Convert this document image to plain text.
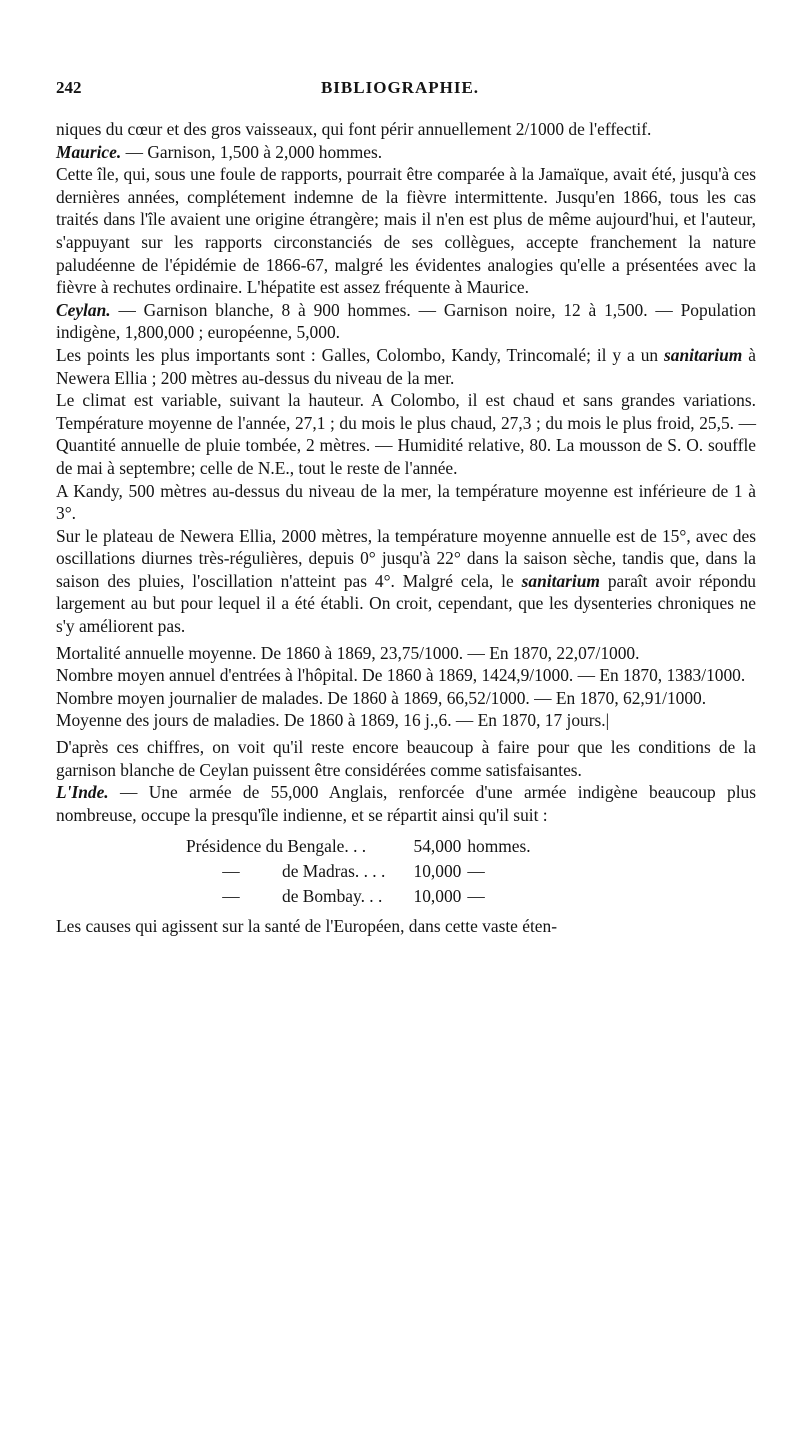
242	BIBLIOGRAPHIE.

niques du cœur et des gros vaisseaux, qui font périr annuellement 2/1000 de l'effectif.

Maurice. — Garnison, 1,500 à 2,000 hommes.

Cette île, qui, sous une foule de rapports, pourrait être comparée à la Jamaïque, avait été, jusqu'à ces dernières années, complétement indemne de la fièvre intermittente. Jusqu'en 1866, tous les cas traités dans l'île avaient une origine étrangère; mais il n'en est plus de même aujourd'hui, et l'auteur, s'appuyant sur les rapports circonstanciés de ses collègues, accepte franchement la nature paludéenne de l'épidémie de 1866-67, malgré les évidentes analogies qu'elle a présentées avec la fièvre à rechutes ordinaire. L'hépatite est assez fréquente à Maurice.

Ceylan. — Garnison blanche, 8 à 900 hommes. — Garnison noire, 12 à 1,500. — Population indigène, 1,800,000 ; européenne, 5,000.

Les points les plus importants sont : Galles, Colombo, Kandy, Trincomalé; il y a un sanitarium à Newera Ellia ; 200 mètres au-dessus du niveau de la mer.

Le climat est variable, suivant la hauteur. A Colombo, il est chaud et sans grandes variations. Température moyenne de l'année, 27,1 ; du mois le plus chaud, 27,3 ; du mois le plus froid, 25,5. — Quantité annuelle de pluie tombée, 2 mètres. — Humidité relative, 80. La mousson de S. O. souffle de mai à septembre; celle de N.E., tout le reste de l'année.

A Kandy, 500 mètres au-dessus du niveau de la mer, la température moyenne est inférieure de 1 à 3°.

Sur le plateau de Newera Ellia, 2000 mètres, la température moyenne annuelle est de 15°, avec des oscillations diurnes très-régulières, depuis 0° jusqu'à 22° dans la saison sèche, tandis que, dans la saison des pluies, l'oscillation n'atteint pas 4°. Malgré cela, le sanitarium paraît avoir répondu largement au but pour lequel il a été établi. On croit, cependant, que les dysenteries chroniques ne s'y améliorent pas.

Mortalité annuelle moyenne. De 1860 à 1869, 23,75/1000. — En 1870, 22,07/1000.

Nombre moyen annuel d'entrées à l'hôpital. De 1860 à 1869, 1424,9/1000. — En 1870, 1383/1000.

Nombre moyen journalier de malades. De 1860 à 1869, 66,52/1000. — En 1870, 62,91/1000.

Moyenne des jours de maladies. De 1860 à 1869, 16 j.,6. — En 1870, 17 jours.|

D'après ces chiffres, on voit qu'il reste encore beaucoup à faire pour que les conditions de la garnison blanche de Ceylan puissent être considérées comme satisfaisantes.

L'Inde. — Une armée de 55,000 Anglais, renforcée d'une armée indigène beaucoup plus nombreuse, occupe la presqu'île indienne, et se répartit ainsi qu'il suit :

Présidence du Bengale. . .		54,000	hommes.
—	de Madras. . . .	10,000	—
—	de Bombay. . .	10,000	—

Les causes qui agissent sur la santé de l'Européen, dans cette vaste éten-
